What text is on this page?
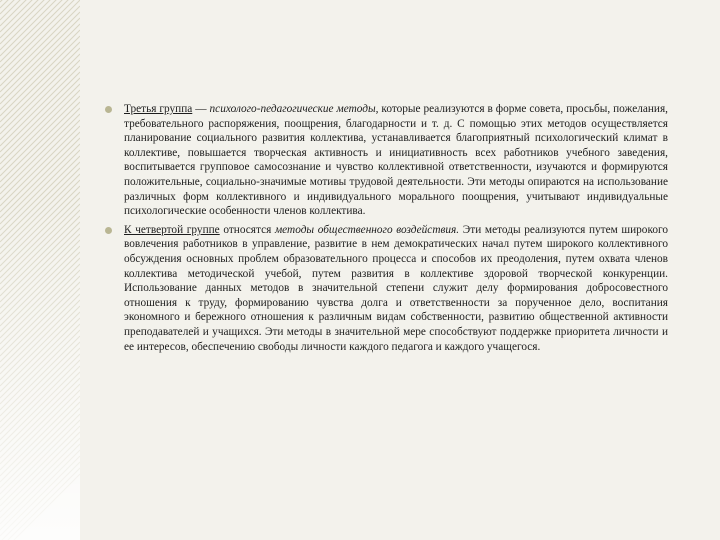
Третья группа — психолого-педагогические методы, которые реализуются в форме совета, просьбы, пожелания, требовательного распоряжения, поощрения, благодарности и т. д. С помощью этих методов осуществляется планирование социального развития коллектива, устанавливается благоприятный психологический климат в коллективе, повышается творческая активность и инициативность всех работников учебного заведения, воспитывается групповое самосознание и чувство коллективной ответственности, изучаются и формируются положительные, социально-значимые мотивы трудовой деятельности. Эти методы опираются на использование различных форм коллективного и индивидуального морального поощрения, учитывают индивидуальные психологические особенности членов коллектива.
К четвертой группе относятся методы общественного воздействия. Эти методы реализуются путем широкого вовлечения работников в управление, развитие в нем демократических начал путем широкого коллективного обсуждения основных проблем образовательного процесса и способов их преодоления, путем охвата членов коллектива методической учебой, путем развития в коллективе здоровой творческой конкуренции. Использование данных методов в значительной степени служит делу формирования добросовестного отношения к труду, формированию чувства долга и ответственности за порученное дело, воспитания экономного и бережного отношения к различным видам собственности, развитию общественной активности преподавателей и учащихся. Эти методы в значительной мере способствуют поддержке приоритета личности и ее интересов, обеспечению свободы личности каждого педагога и каждого учащегося.
